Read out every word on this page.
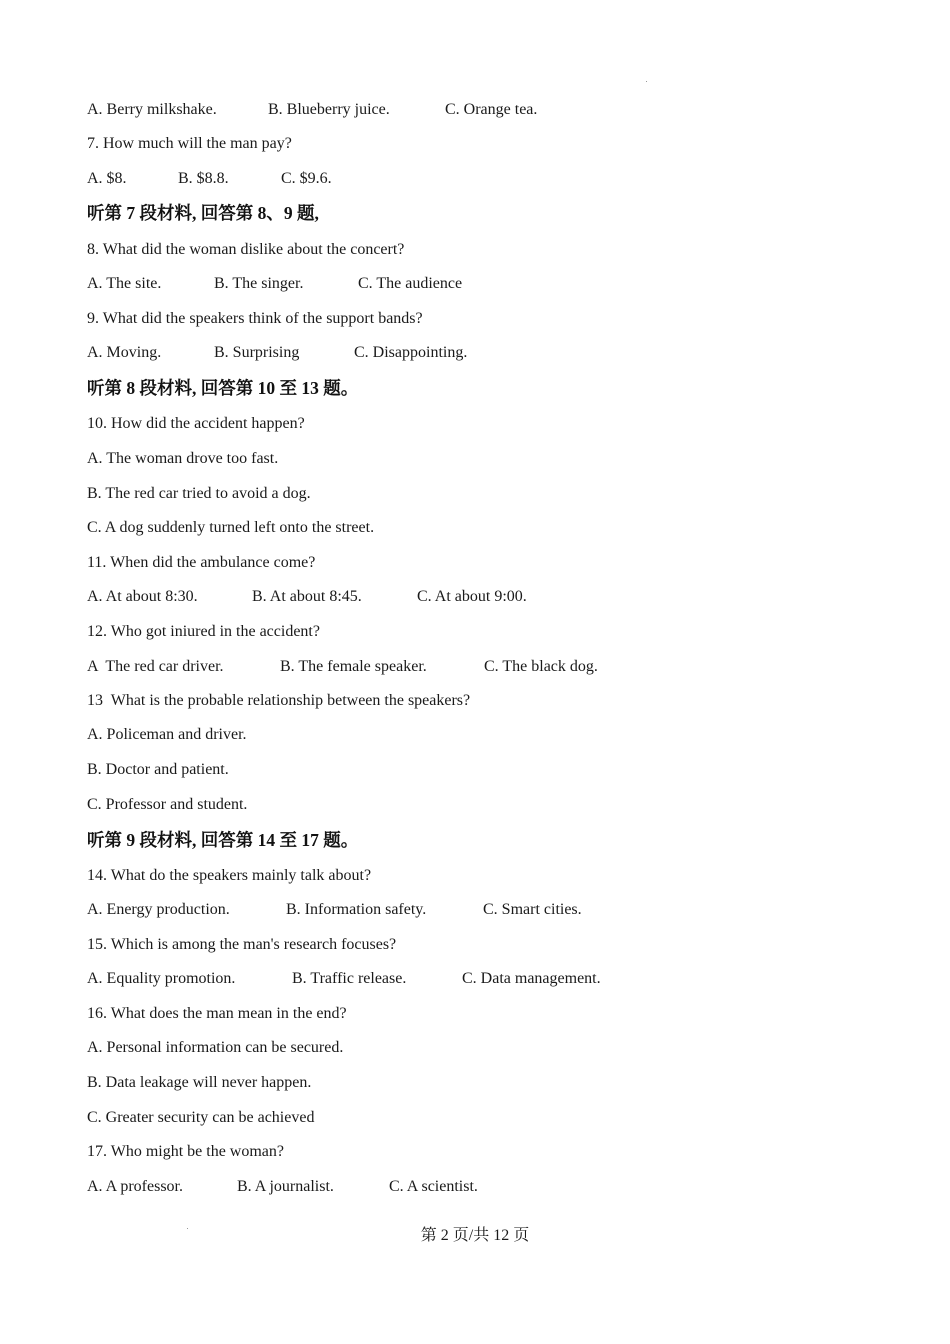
A. Berry milkshake.

	B. Blueberry juice.

	C. Orange tea.

7. How much will the man pay?

A. $8.

	B. $8.8.

	C. $9.6.

听第 7 段材料, 回答第 8、9 题,
8. What did the woman dislike about the concert?

A. The site.

	B. The singer.

	C. The audience

9. What did the speakers think of the support bands?

A. Moving.

	B. Surprising

	C. Disappointing.

听第 8 段材料, 回答第 10 至 13 题。
10. How did the accident happen?
A. The woman drove too fast.
B. The red car tried to avoid a dog.
C. A dog suddenly turned left onto the street.
11. When did the ambulance come?

A. At about 8:30.

	B. At about 8:45.

	C. At about 9:00.

12. Who got iniured in the accident?

A  The red car driver.

	B. The female speaker.

	C. The black dog.

13  What is the probable relationship between the speakers?
A. Policeman and driver.
B. Doctor and patient.
C. Professor and student.
听第 9 段材料, 回答第 14 至 17 题。
14. What do the speakers mainly talk about?

A. Energy production.

	B. Information safety.

	C. Smart cities.

15. Which is among the man's research focuses?

A. Equality promotion.

	B. Traffic release.

	C. Data management.

16. What does the man mean in the end?
A. Personal information can be secured.
B. Data leakage will never happen.
C. Greater security can be achieved
17. Who might be the woman?

A. A professor.

	B. A journalist.

	C. A scientist.

第 2 页/共 12 页
